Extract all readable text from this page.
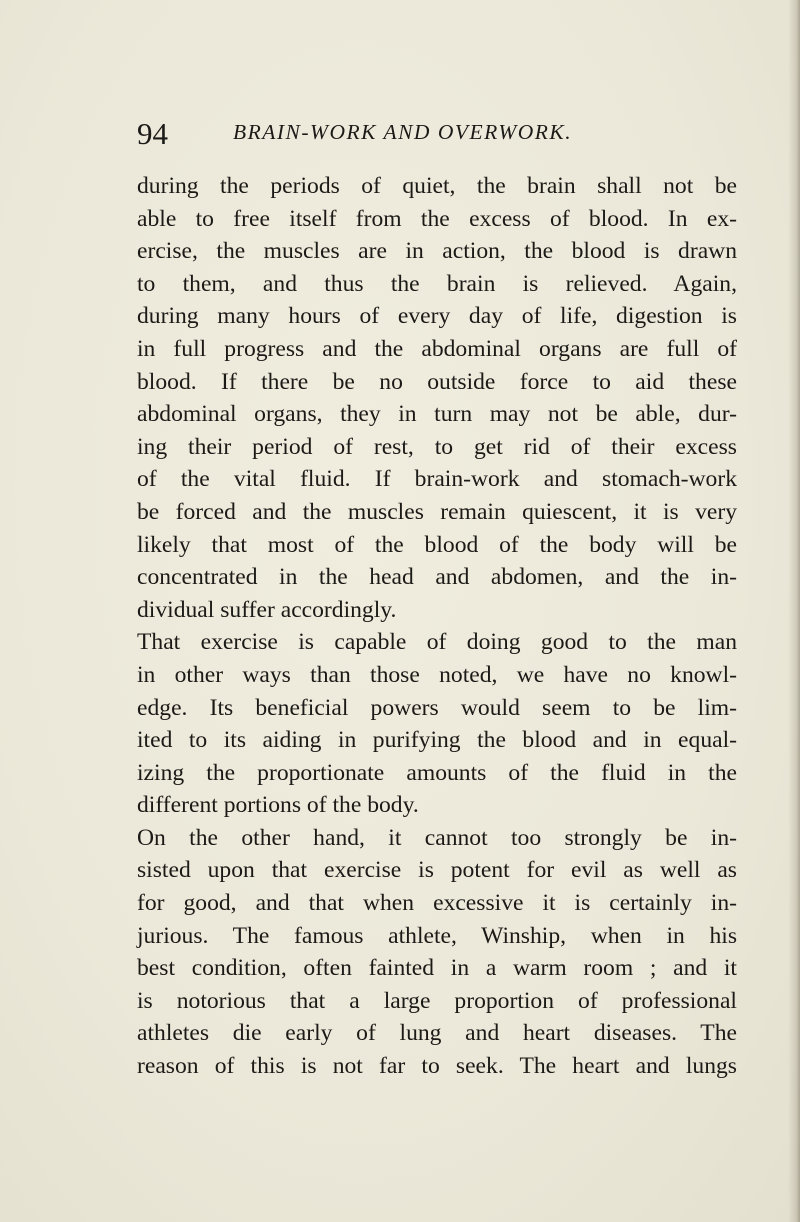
94	BRAIN-WORK AND OVERWORK.
during the periods of quiet, the brain shall not be
able to free itself from the excess of blood. In ex-
ercise, the muscles are in action, the blood is drawn
to them, and thus the brain is relieved. Again,
during many hours of every day of life, digestion is
in full progress and the abdominal organs are full of
blood. If there be no outside force to aid these
abdominal organs, they in turn may not be able, dur-
ing their period of rest, to get rid of their excess
of the vital fluid. If brain-work and stomach-work
be forced and the muscles remain quiescent, it is very
likely that most of the blood of the body will be
concentrated in the head and abdomen, and the in-
dividual suffer accordingly.
That exercise is capable of doing good to the man
in other ways than those noted, we have no knowl-
edge. Its beneficial powers would seem to be lim-
ited to its aiding in purifying the blood and in equal-
izing the proportionate amounts of the fluid in the
different portions of the body.
On the other hand, it cannot too strongly be in-
sisted upon that exercise is potent for evil as well as
for good, and that when excessive it is certainly in-
jurious. The famous athlete, Winship, when in his
best condition, often fainted in a warm room ; and it
is notorious that a large proportion of professional
athletes die early of lung and heart diseases. The
reason of this is not far to seek. The heart and lungs
